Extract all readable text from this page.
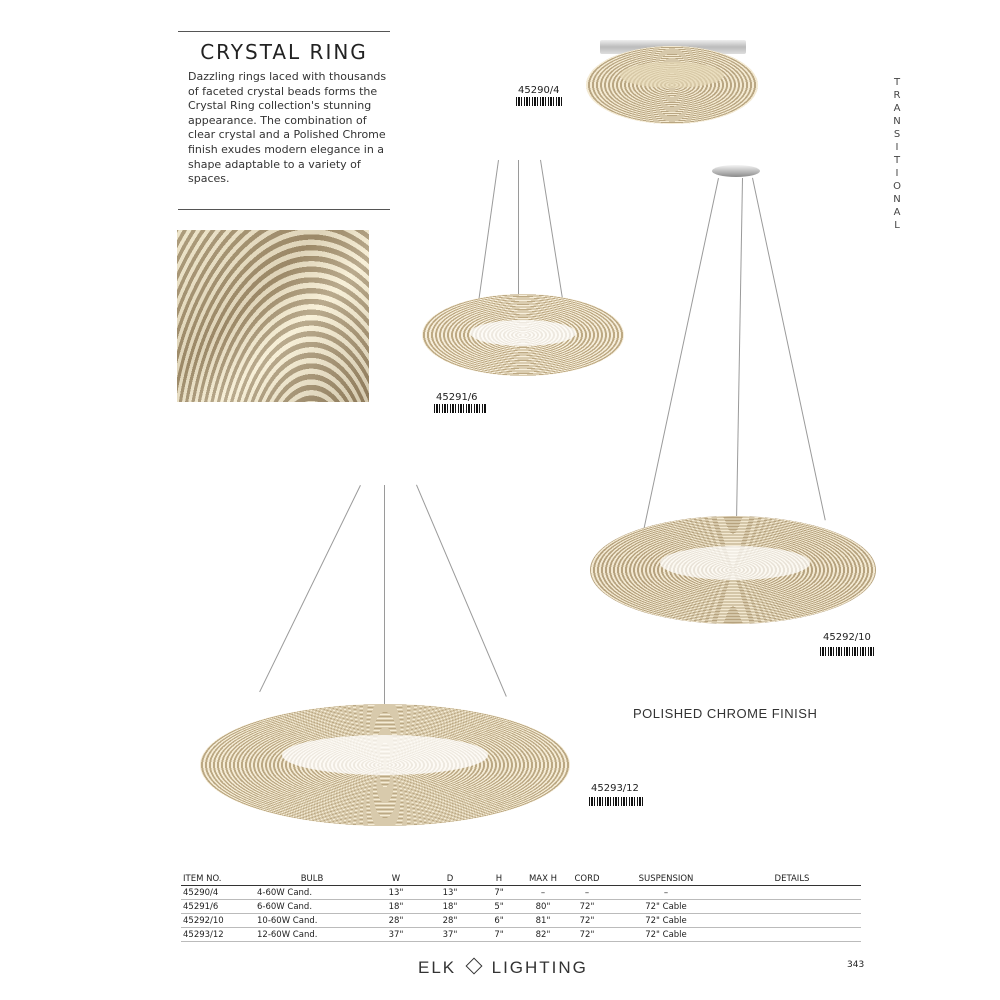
CRYSTAL RING
Dazzling rings laced with thousands of faceted crystal beads forms the Crystal Ring collection's stunning appearance. The combination of clear crystal and a Polished Chrome finish exudes modern elegance in a shape adaptable to a variety of spaces.
T
R
A
N
S
I
T
I
O
N
A
L
45290/4
45291/6
45292/10
POLISHED CHROME FINISH
45293/12
ITEM NO.	BULB	W	D	H	MAX H	CORD	SUSPENSION	DETAILS
45290/4	4-60W Cand.	13"	13"	7"	–	–	–	
45291/6	6-60W Cand.	18"	18"	5"	80"	72"	72" Cable	
45292/10	10-60W Cand.	28"	28"	6"	81"	72"	72" Cable	
45293/12	12-60W Cand.	37"	37"	7"	82"	72"	72" Cable	
ELK LIGHTING	343
